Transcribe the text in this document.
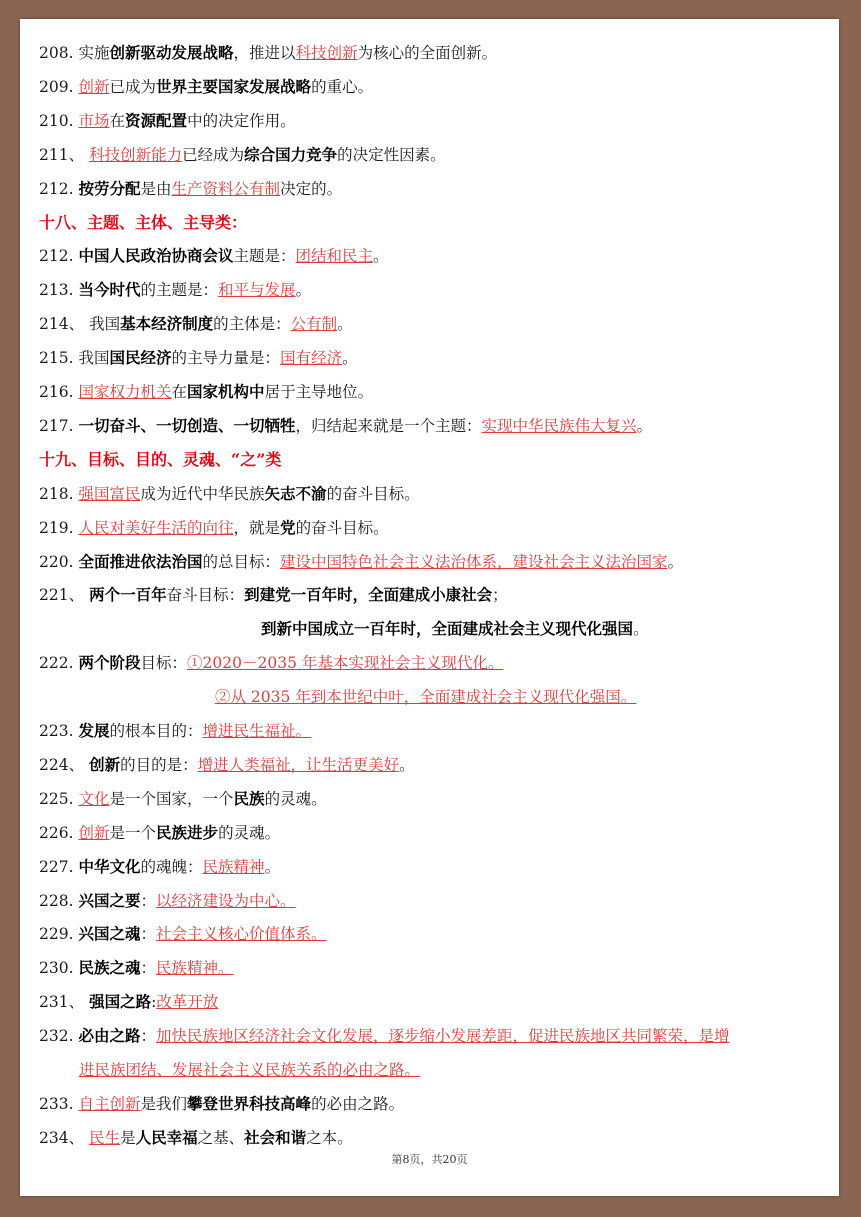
208. 实施创新驱动发展战略，推进以科技创新为核心的全面创新。
209. 创新已成为世界主要国家发展战略的重心。
210. 市场在资源配置中的决定作用。
211、 科技创新能力已经成为综合国力竞争的决定性因素。
212. 按劳分配是由生产资料公有制决定的。
十八、主题、主体、主导类：
212. 中国人民政治协商会议主题是：团结和民主。
213. 当今时代的主题是：和平与发展。
214、 我国基本经济制度的主体是：公有制。
215. 我国国民经济的主导力量是：国有经济。
216. 国家权力机关在国家机构中居于主导地位。
217. 一切奋斗、一切创造、一切牺牲，归结起来就是一个主题：实现中华民族伟大复兴。
十九、目标、目的、灵魂、“之”类
218. 强国富民成为近代中华民族矢志不渝的奋斗目标。
219. 人民对美好生活的向往，就是党的奋斗目标。
220. 全面推进依法治国的总目标：建设中国特色社会主义法治体系，建设社会主义法治国家。
221、 两个一百年奋斗目标：到建党一百年时，全面建成小康社会；
到新中国成立一百年时，全面建成社会主义现代化强国。
222. 两个阶段目标：①2020－2035 年基本实现社会主义现代化。
②从 2035 年到本世纪中叶，全面建成社会主义现代化强国。
223. 发展的根本目的：增进民生福祉。
224、 创新的目的是：增进人类福祉，让生活更美好。
225. 文化是一个国家，一个民族的灵魂。
226. 创新是一个民族进步的灵魂。
227. 中华文化的魂魄：民族精神。
228. 兴国之要：以经济建设为中心。
229. 兴国之魂：社会主义核心价值体系。
230. 民族之魂：民族精神。
231、 强国之路:改革开放
232. 必由之路：加快民族地区经济社会文化发展，逐步缩小发展差距，促进民族地区共同繁荣，是增
进民族团结、发展社会主义民族关系的必由之路。
233. 自主创新是我们攀登世界科技高峰的必由之路。
234、 民生是人民幸福之基、社会和谐之本。
第8页，共20页
